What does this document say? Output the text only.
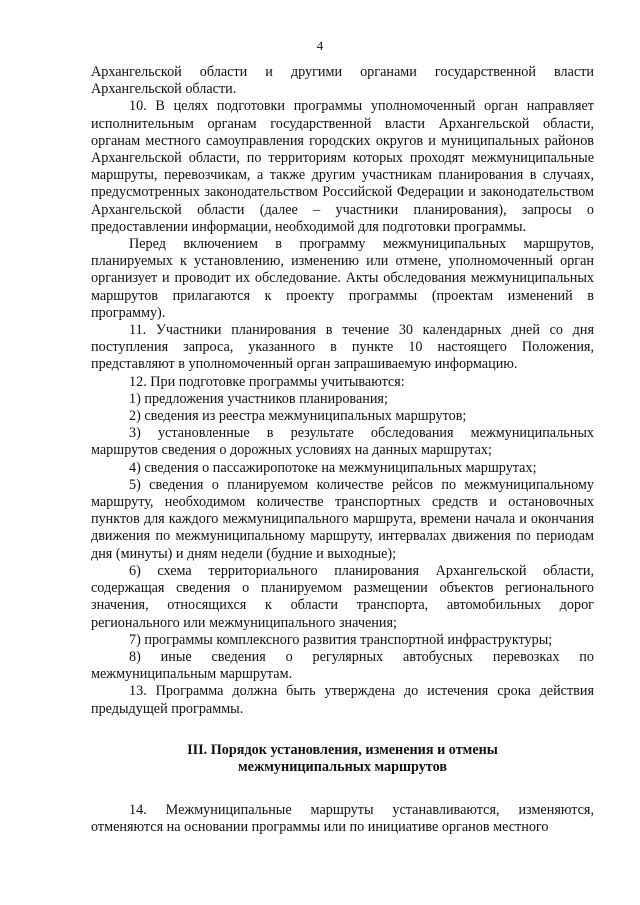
4

Архангельской области и другими органами государственной власти Архангельской области.

10. В целях подготовки программы уполномоченный орган направляет исполнительным органам государственной власти Архангельской области, органам местного самоуправления городских округов и муниципальных районов Архангельской области, по территориям которых проходят межмуниципальные маршруты, перевозчикам, а также другим участникам планирования в случаях, предусмотренных законодательством Российской Федерации и законодательством Архангельской области (далее – участники планирования), запросы о предоставлении информации, необходимой для подготовки программы.

Перед включением в программу межмуниципальных маршрутов, планируемых к установлению, изменению или отмене, уполномоченный орган организует и проводит их обследование. Акты обследования межмуниципальных маршрутов прилагаются к проекту программы (проектам изменений в программу).

11. Участники планирования в течение 30 календарных дней со дня поступления запроса, указанного в пункте 10 настоящего Положения, представляют в уполномоченный орган запрашиваемую информацию.

12. При подготовке программы учитываются:

1) предложения участников планирования;

2) сведения из реестра межмуниципальных маршрутов;

3) установленные в результате обследования межмуниципальных маршрутов сведения о дорожных условиях на данных маршрутах;

4) сведения о пассажиропотоке на межмуниципальных маршрутах;

5) сведения о планируемом количестве рейсов по межмуниципальному маршруту, необходимом количестве транспортных средств и остановочных пунктов для каждого межмуниципального маршрута, времени начала и окончания движения по межмуниципальному маршруту, интервалах движения по периодам дня (минуты) и дням недели (будние и выходные);

6) схема территориального планирования Архангельской области, содержащая сведения о планируемом размещении объектов регионального значения, относящихся к области транспорта, автомобильных дорог регионального или межмуниципального значения;

7) программы комплексного развития транспортной инфраструктуры;

8) иные сведения о регулярных автобусных перевозках по межмуниципальным маршрутам.

13. Программа должна быть утверждена до истечения срока действия предыдущей программы.

III. Порядок установления, изменения и отмены
межмуниципальных маршрутов

14. Межмуниципальные маршруты устанавливаются, изменяются, отменяются на основании программы или по инициативе органов местного
